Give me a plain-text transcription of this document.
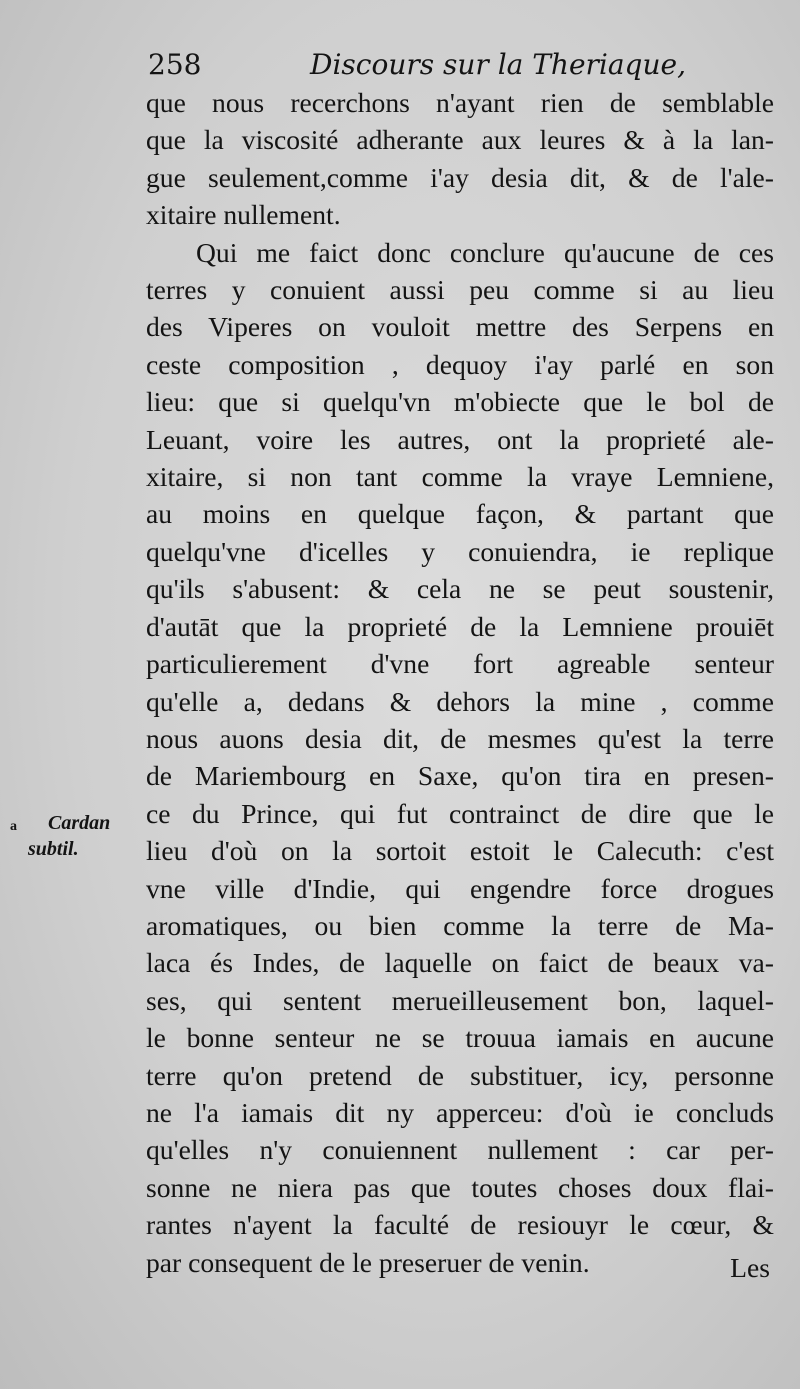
258	Discours sur la Theriaque,
que nous recerchons n'ayant rien de semblable
que la viscosité adherante aux leures & à la lan-
gue seulement,comme i'ay desia dit, & de l'ale-
xitaire nullement.
Qui me faict donc conclure qu'aucune de ces
terres y conuient aussi peu comme si au lieu
des Viperes on vouloit mettre des Serpens en
ceste composition , dequoy i'ay parlé en son
lieu: que si quelqu'vn m'obiecte que le bol de
Leuant, voire les autres, ont la proprieté ale-
xitaire, si non tant comme la vraye Lemniene,
au moins en quelque façon, & partant que
quelqu'vne d'icelles y conuiendra, ie replique
qu'ils s'abusent: & cela ne se peut soustenir,
d'autāt que la proprieté de la Lemniene prouiēt
particulierement d'vne fort agreable senteur
qu'elle a, dedans & dehors la mine , comme
nous auons desia dit, de mesmes qu'est la terre
de Mariembourg en Saxe, qu'on tira en presen-
ce du Prince, qui fut contrainct de dire que le
lieu d'où on la sortoit estoit le Calecuth: c'est
vne ville d'Indie, qui engendre force drogues
aromatiques, ou bien comme la terre de Ma-
laca és Indes, de laquelle on faict de beaux va-
ses, qui sentent merueilleusement bon, laquel-
le bonne senteur ne se trouua iamais en aucune
terre qu'on pretend de substituer, icy, personne
ne l'a iamais dit ny apperceu: d'où ie concluds
qu'elles n'y conuiennent nullement : car per-
sonne ne niera pas que toutes choses doux flai-
rantes n'ayent la faculté de resiouyr le cœur, &
par consequent de le preseruer de venin.
a	Cardan
subtil.
Les
